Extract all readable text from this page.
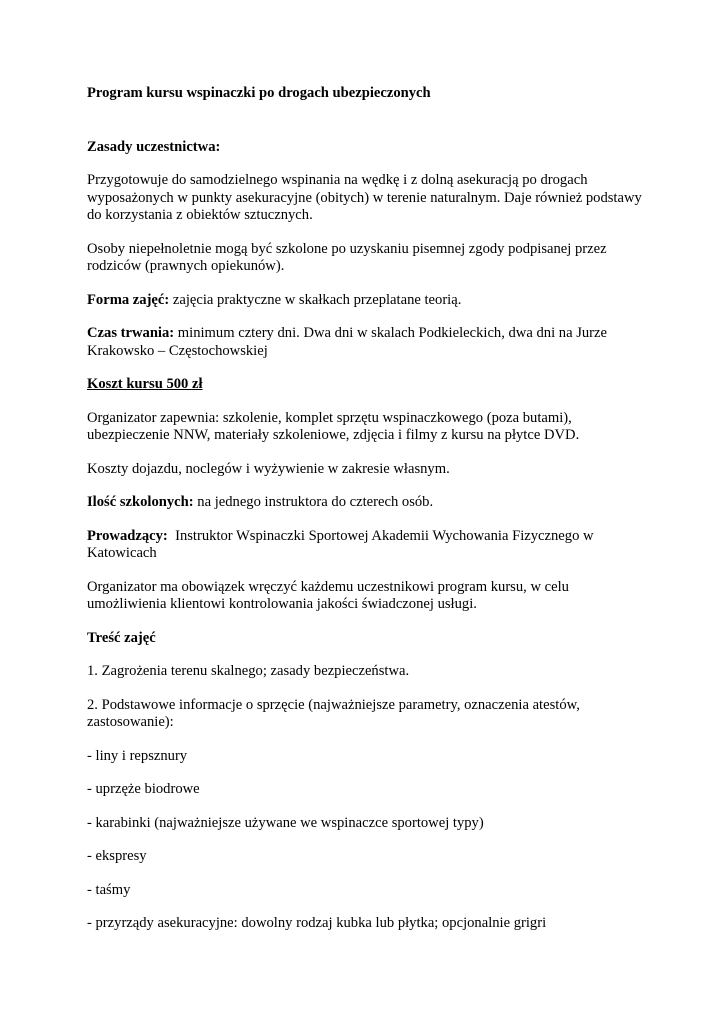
Program kursu wspinaczki po drogach ubezpieczonych

Zasady uczestnictwa:

Przygotowuje do samodzielnego wspinania na wędkę i z dolną asekuracją po drogach wyposażonych w punkty asekuracyjne (obitych) w terenie naturalnym. Daje również podstawy do korzystania z obiektów sztucznych.

Osoby niepełnoletnie mogą być szkolone po uzyskaniu pisemnej zgody podpisanej przez rodziców (prawnych opiekunów).

Forma zajęć: zajęcia praktyczne w skałkach przeplatane teorią.

Czas trwania: minimum cztery dni. Dwa dni w skalach Podkieleckich, dwa dni na Jurze Krakowsko – Częstochowskiej

Koszt kursu 500 zł

Organizator zapewnia: szkolenie, komplet sprzętu wspinaczkowego (poza butami), ubezpieczenie NNW, materiały szkoleniowe, zdjęcia i filmy z kursu na płytce DVD.

Koszty dojazdu, noclegów i wyżywienie w zakresie własnym.

Ilość szkolonych: na jednego instruktora do czterech osób.

Prowadzący:  Instruktor Wspinaczki Sportowej Akademii Wychowania Fizycznego w Katowicach

Organizator ma obowiązek wręczyć każdemu uczestnikowi program kursu, w celu umożliwienia klientowi kontrolowania jakości świadczonej usługi.

Treść zajęć

1. Zagrożenia terenu skalnego; zasady bezpieczeństwa.

2. Podstawowe informacje o sprzęcie (najważniejsze parametry, oznaczenia atestów, zastosowanie):

- liny i repsznury

- uprzęże biodrowe

- karabinki (najważniejsze używane we wspinaczce sportowej typy)

- ekspresy

- taśmy

- przyrządy asekuracyjne: dowolny rodzaj kubka lub płytka; opcjonalnie grigri
